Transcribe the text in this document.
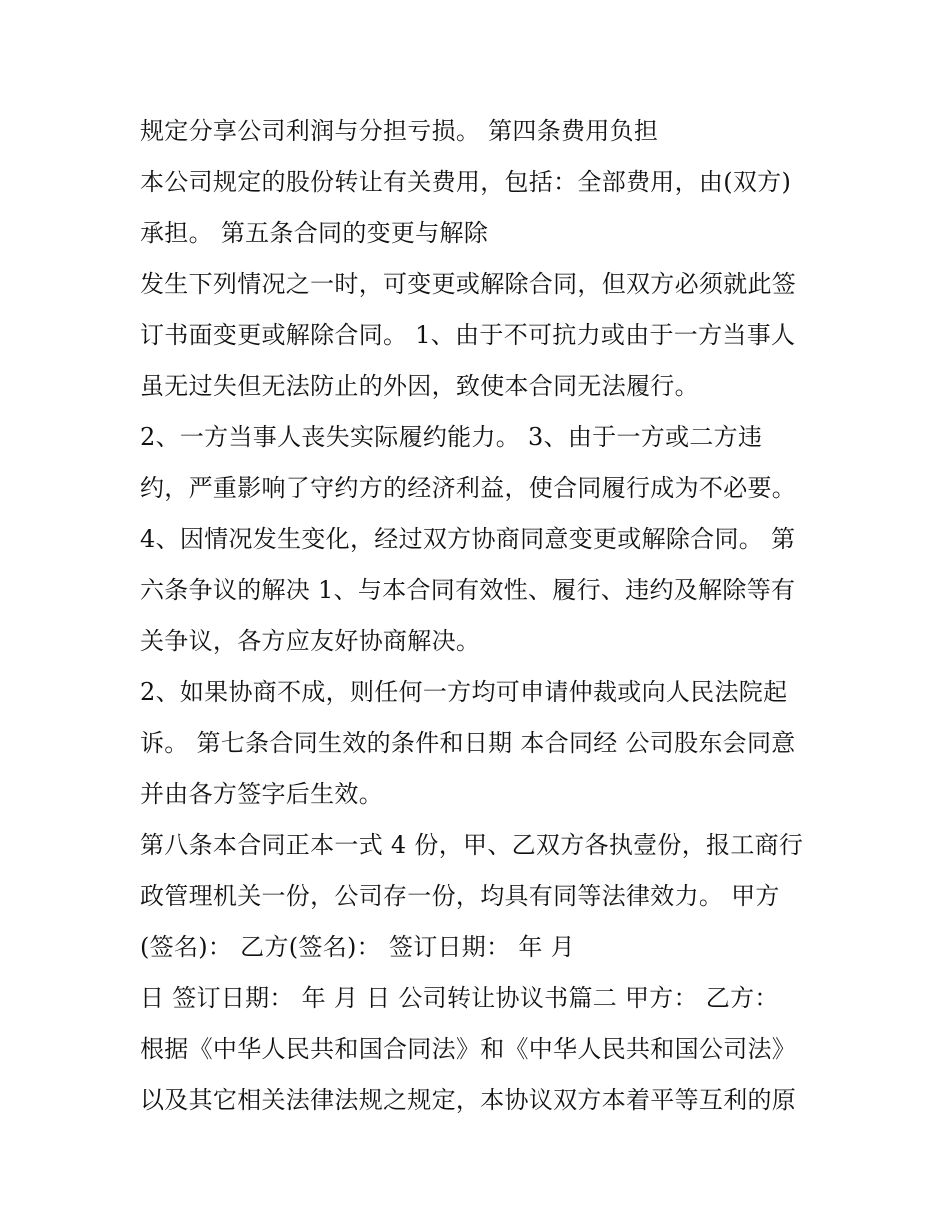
规定分享公司利润与分担亏损。 第四条费用负担
本公司规定的股份转让有关费用，包括：全部费用，由(双方)
承担。 第五条合同的变更与解除
发生下列情况之一时，可变更或解除合同，但双方必须就此签
订书面变更或解除合同。 1、由于不可抗力或由于一方当事人
虽无过失但无法防止的外因，致使本合同无法履行。
2、一方当事人丧失实际履约能力。 3、由于一方或二方违
约，严重影响了守约方的经济利益，使合同履行成为不必要。
4、因情况发生变化，经过双方协商同意变更或解除合同。 第
六条争议的解决 1、与本合同有效性、履行、违约及解除等有
关争议，各方应友好协商解决。
2、如果协商不成，则任何一方均可申请仲裁或向人民法院起
诉。 第七条合同生效的条件和日期 本合同经 公司股东会同意
并由各方签字后生效。
第八条本合同正本一式 4 份，甲、乙双方各执壹份，报工商行
政管理机关一份，公司存一份，均具有同等法律效力。 甲方
(签名)： 乙方(签名)： 签订日期： 年 月
日 签订日期： 年 月 日 公司转让协议书篇二 甲方： 乙方：
根据《中华人民共和国合同法》和《中华人民共和国公司法》
以及其它相关法律法规之规定，本协议双方本着平等互利的原
